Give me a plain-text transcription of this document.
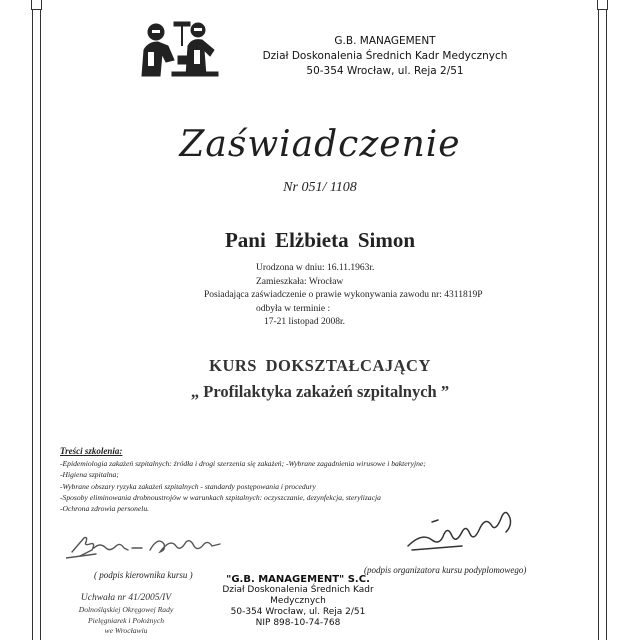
G.B. MANAGEMENT
Dział Doskonalenia Średnich Kadr Medycznych
50-354 Wrocław, ul. Reja 2/51
Zaświadczenie
Nr 051/ 1108
Pani Elżbieta Simon
Urodzona w dniu: 16.11.1963r.
Zamieszkała: Wrocław
Posiadająca zaświadczenie o prawie wykonywania zawodu nr: 4311819P
odbyła w terminie :
17-21 listopad 2008r.
KURS DOKSZTAŁCAJĄCY
„ Profilaktyka zakażeń szpitalnych ”
Treści szkolenia:
-Epidemiologia zakażeń szpitalnych: źródła i drogi szerzenia się zakażeń; -Wybrane zagadnienia wirusowe i bakteryjne;
-Higiena szpitalna;
-Wybrane obszary ryzyka zakażeń szpitalnych - standardy postępowania i procedury
-Sposoby eliminowania drobnoustrojów w warunkach szpitalnych: oczyszczanie, dezynfekcja, sterylizacja
-Ochrona zdrowia personelu.
( podpis kierownika kursu )	(podpis organizatora kursu podyplomowego)
"G.B. MANAGEMENT" S.C.
Dział Doskonalenia Średnich Kadr
Medycznych
50-354 Wrocław, ul. Reja 2/51
NIP 898-10-74-768
Uchwała nr 41/2005/IV
Dolnośląskiej Okręgowej Rady
Pielęgniarek i Położnych
we Wrocławiu
